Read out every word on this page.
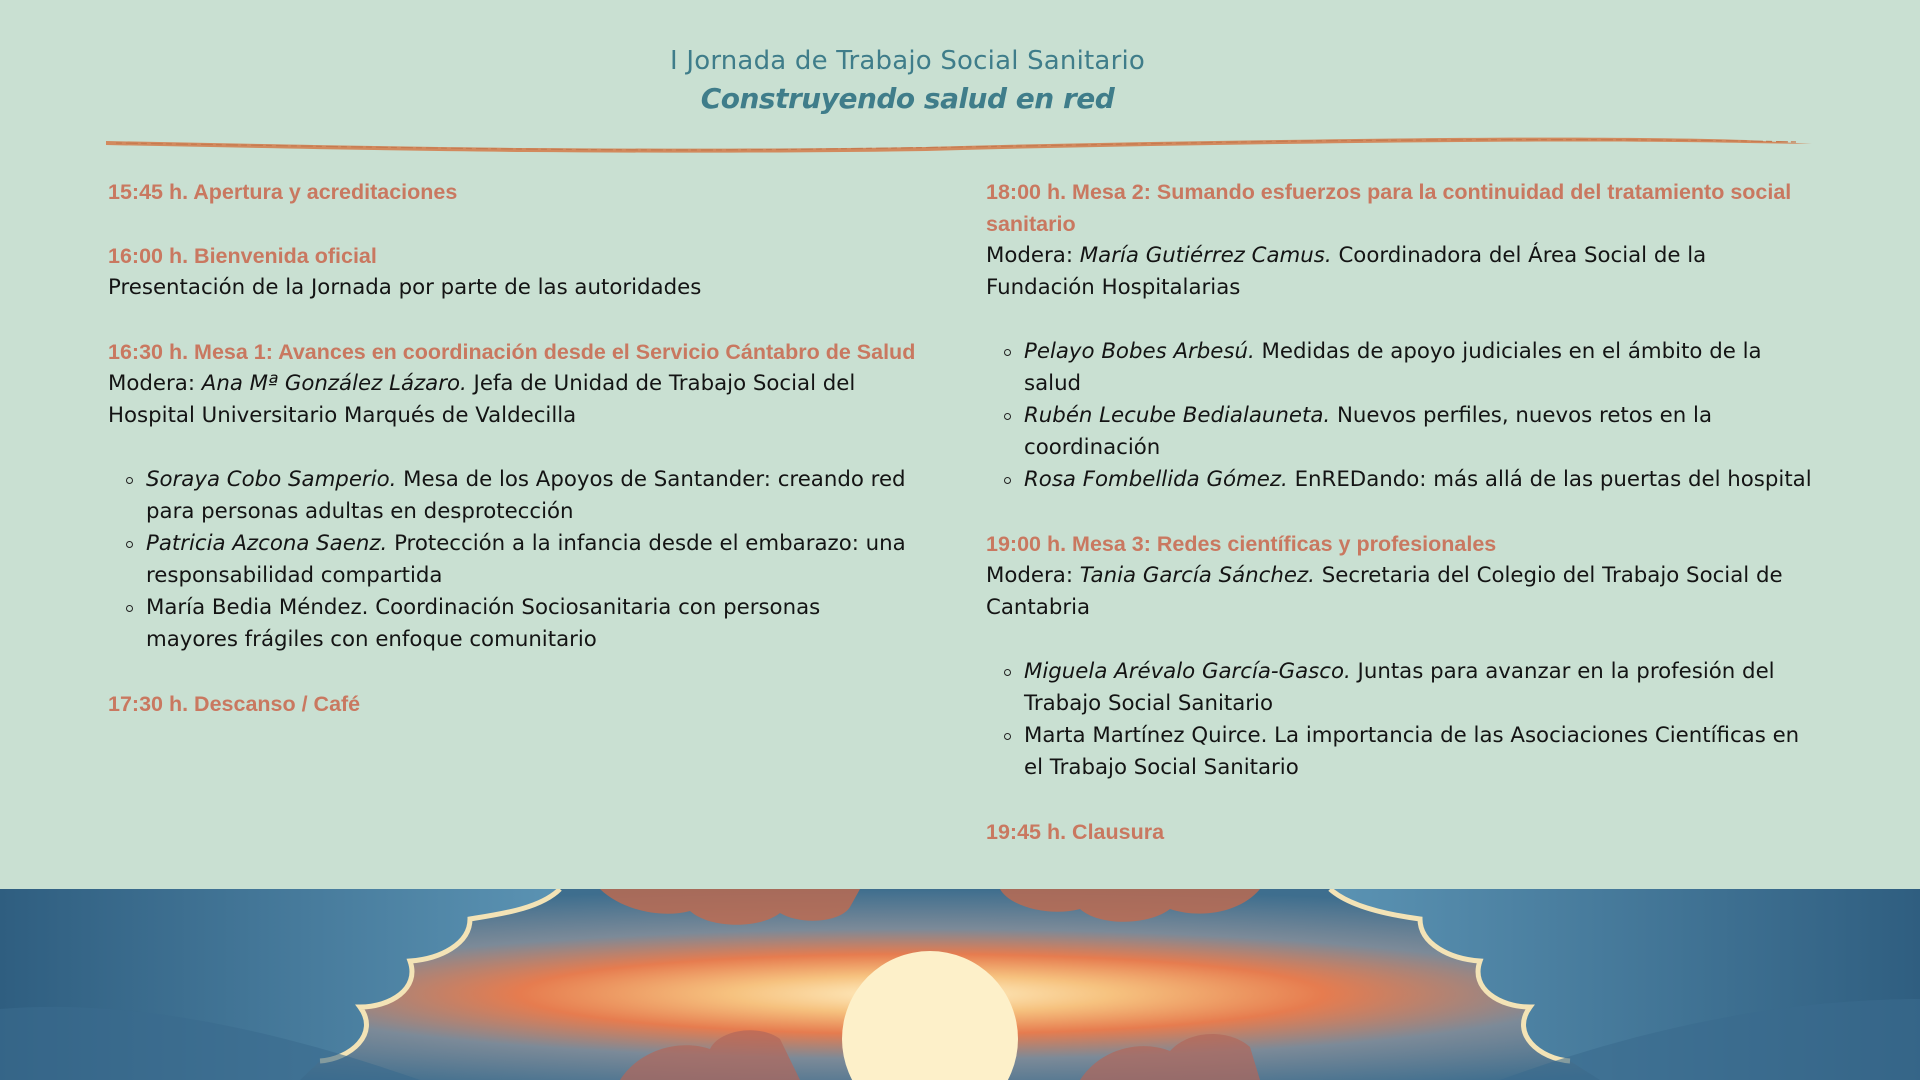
I Jornada de Trabajo Social Sanitario
Construyendo salud en red
15:45 h. Apertura y acreditaciones
16:00 h. Bienvenida oficial
Presentación de la Jornada por parte de las autoridades
16:30 h. Mesa 1: Avances en coordinación desde el Servicio Cántabro de Salud
Modera: Ana Mª González Lázaro. Jefa de Unidad de Trabajo Social del Hospital Universitario Marqués de Valdecilla
Soraya Cobo Samperio. Mesa de los Apoyos de Santander: creando red para personas adultas en desprotección
Patricia Azcona Saenz. Protección a la infancia desde el embarazo: una responsabilidad compartida
María Bedia Méndez. Coordinación Sociosanitaria con personas mayores frágiles con enfoque comunitario
17:30 h. Descanso / Café
18:00 h. Mesa 2: Sumando esfuerzos para la continuidad del tratamiento social sanitario
Modera: María Gutiérrez Camus. Coordinadora del Área Social de la Fundación Hospitalarias
Pelayo Bobes Arbesú. Medidas de apoyo judiciales en el ámbito de la salud
Rubén Lecube Bedialauneta. Nuevos perfiles, nuevos retos en la coordinación
Rosa Fombellida Gómez. EnREDando: más allá de las puertas del hospital
19:00 h. Mesa 3: Redes científicas y profesionales
Modera: Tania García Sánchez. Secretaria del Colegio del Trabajo Social de Cantabria
Miguela Arévalo García-Gasco. Juntas para avanzar en la profesión del Trabajo Social Sanitario
Marta Martínez Quirce. La importancia de las Asociaciones Científicas en el Trabajo Social Sanitario
19:45 h. Clausura
